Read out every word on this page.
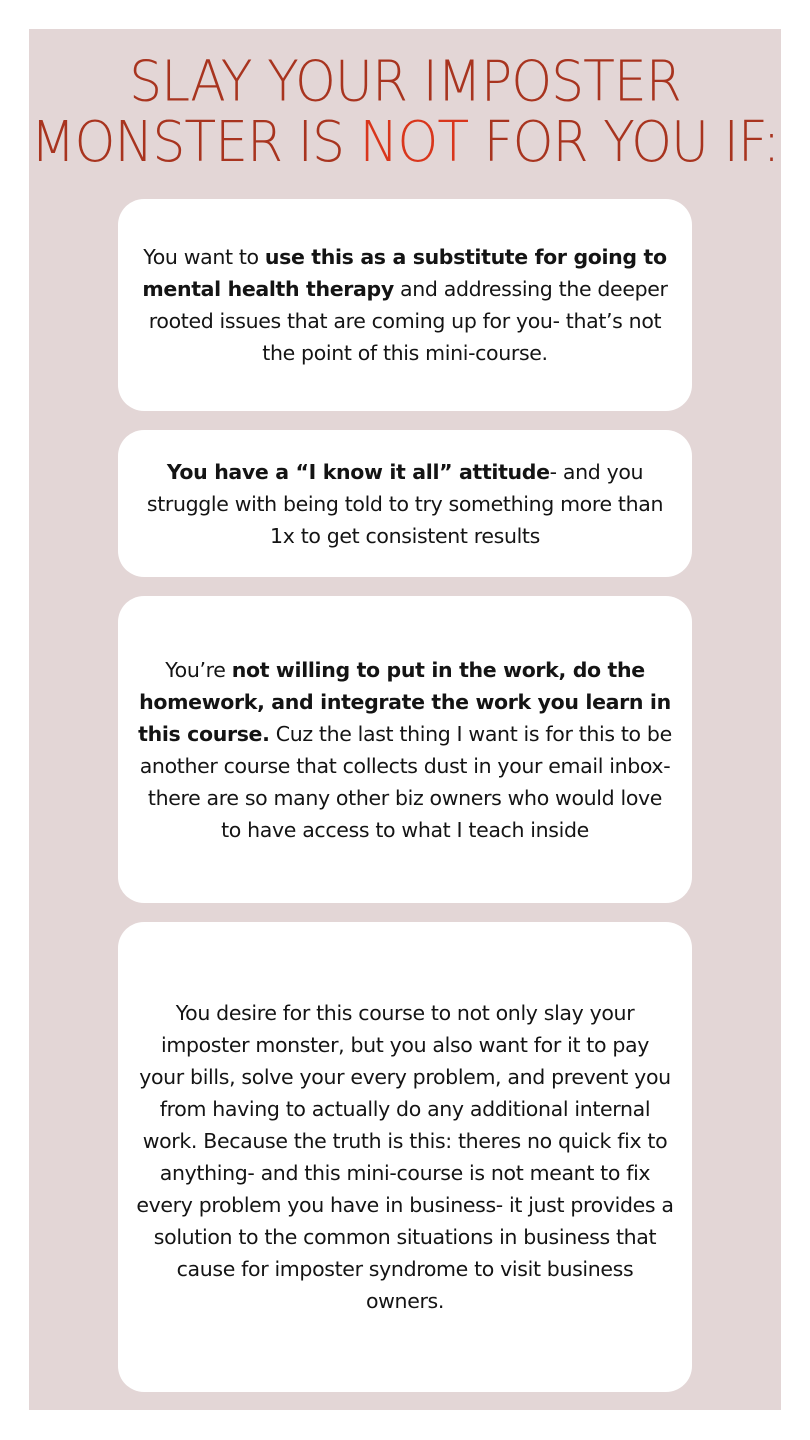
SLAY YOUR IMPOSTER
MONSTER IS NOT FOR YOU IF:

You want to use this as a substitute for going to mental health therapy and addressing the deeper rooted issues that are coming up for you- that’s not the point of this mini-course.

You have a “I know it all” attitude- and you struggle with being told to try something more than 1x to get consistent results

You’re not willing to put in the work, do the homework, and integrate the work you learn in this course. Cuz the last thing I want is for this to be another course that collects dust in your email inbox- there are so many other biz owners who would love to have access to what I teach inside

You desire for this course to not only slay your imposter monster, but you also want for it to pay your bills, solve your every problem, and prevent you from having to actually do any additional internal work. Because the truth is this: theres no quick fix to anything- and this mini-course is not meant to fix every problem you have in business- it just provides a solution to the common situations in business that cause for imposter syndrome to visit business owners.
